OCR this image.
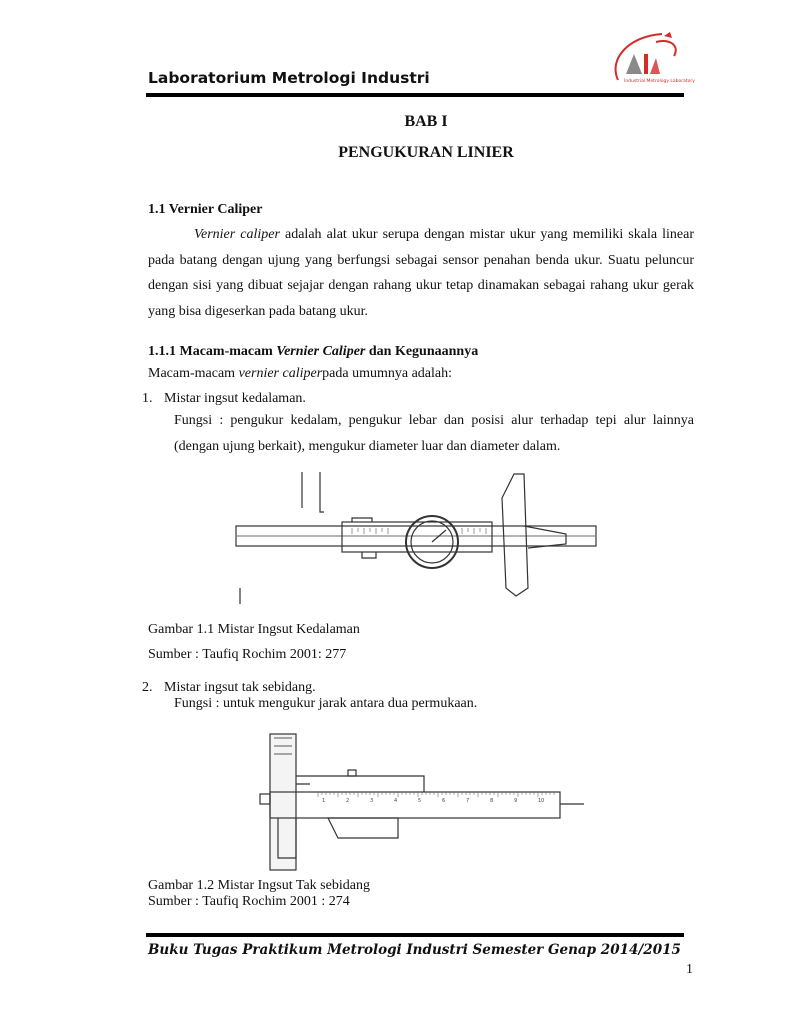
Laboratorium Metrologi Industri	Industrial Metrology Laboratory
BAB I
PENGUKURAN LINIER
1.1 Vernier Caliper
Vernier caliper adalah alat ukur serupa dengan mistar ukur yang memiliki skala linear pada batang dengan ujung yang berfungsi sebagai sensor penahan benda ukur. Suatu peluncur dengan sisi yang dibuat sejajar dengan rahang ukur tetap dinamakan sebagai rahang ukur gerak yang bisa digeserkan pada batang ukur.
1.1.1 Macam-macam Vernier Caliper dan Kegunaannya
Macam-macam vernier caliperpada umumnya adalah:
1. Mistar ingsut kedalaman.
Fungsi : pengukur kedalam, pengukur lebar dan posisi alur terhadap tepi alur lainnya (dengan ujung berkait), mengukur diameter luar dan diameter dalam.
Gambar 1.1 Mistar Ingsut Kedalaman
Sumber : Taufiq Rochim 2001: 277
2. Mistar ingsut tak sebidang.
Fungsi : untuk mengukur jarak antara dua permukaan.
1	2	3	4	5	6	7	8	9	10
Gambar 1.2 Mistar Ingsut Tak sebidang
Sumber : Taufiq Rochim 2001 : 274
Buku Tugas Praktikum Metrologi Industri Semester Genap 2014/2015
1
